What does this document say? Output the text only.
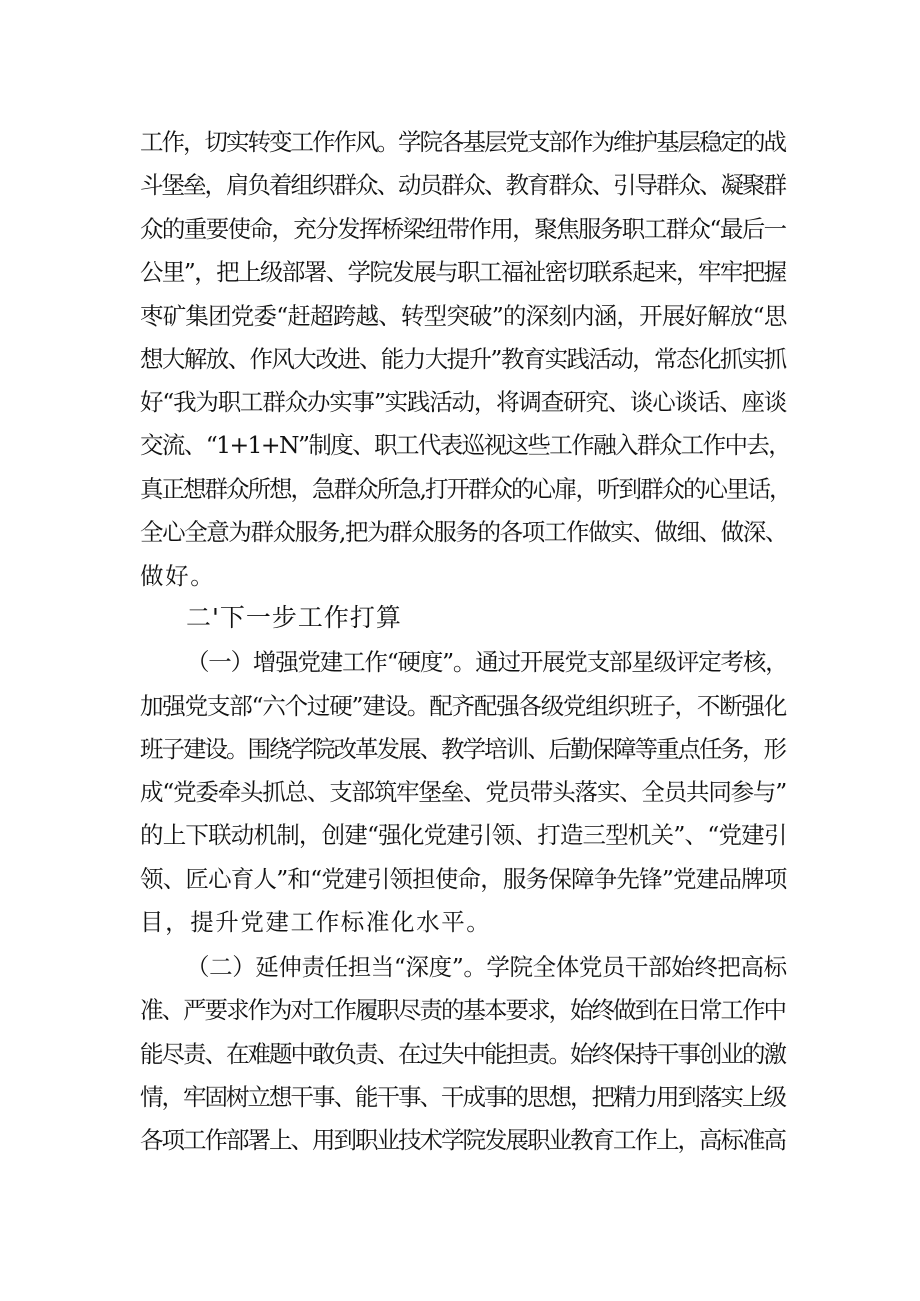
工作，切实转变工作作风。学院各基层党支部作为维护基层稳定的战
斗堡垒，肩负着组织群众、动员群众、教育群众、引导群众、凝聚群
众的重要使命，充分发挥桥梁纽带作用，聚焦服务职工群众“最后一
公里”，把上级部署、学院发展与职工福祉密切联系起来，牢牢把握
枣矿集团党委“赶超跨越、转型突破”的深刻内涵，开展好解放“思
想大解放、作风大改进、能力大提升”教育实践活动，常态化抓实抓
好“我为职工群众办实事”实践活动，将调查研究、谈心谈话、座谈
交流、“1+1+N”制度、职工代表巡视这些工作融入群众工作中去，
真正想群众所想，急群众所急,打开群众的心扉，听到群众的心里话，
全心全意为群众服务,把为群众服务的各项工作做实、做细、做深、
做好。
二'下一步工作打算
（一）增强党建工作“硬度”。通过开展党支部星级评定考核，
加强党支部“六个过硬”建设。配齐配强各级党组织班子，不断强化
班子建设。围绕学院改革发展、教学培训、后勤保障等重点任务，形
成“党委牵头抓总、支部筑牢堡垒、党员带头落实、全员共同参与”
的上下联动机制，创建“强化党建引领、打造三型机关”、“党建引
领、匠心育人”和“党建引领担使命，服务保障争先锋”党建品牌项
目，提升党建工作标准化水平。
（二）延伸责任担当“深度”。学院全体党员干部始终把高标
准、严要求作为对工作履职尽责的基本要求，始终做到在日常工作中
能尽责、在难题中敢负责、在过失中能担责。始终保持干事创业的激
情，牢固树立想干事、能干事、干成事的思想，把精力用到落实上级
各项工作部署上、用到职业技术学院发展职业教育工作上，高标准高
